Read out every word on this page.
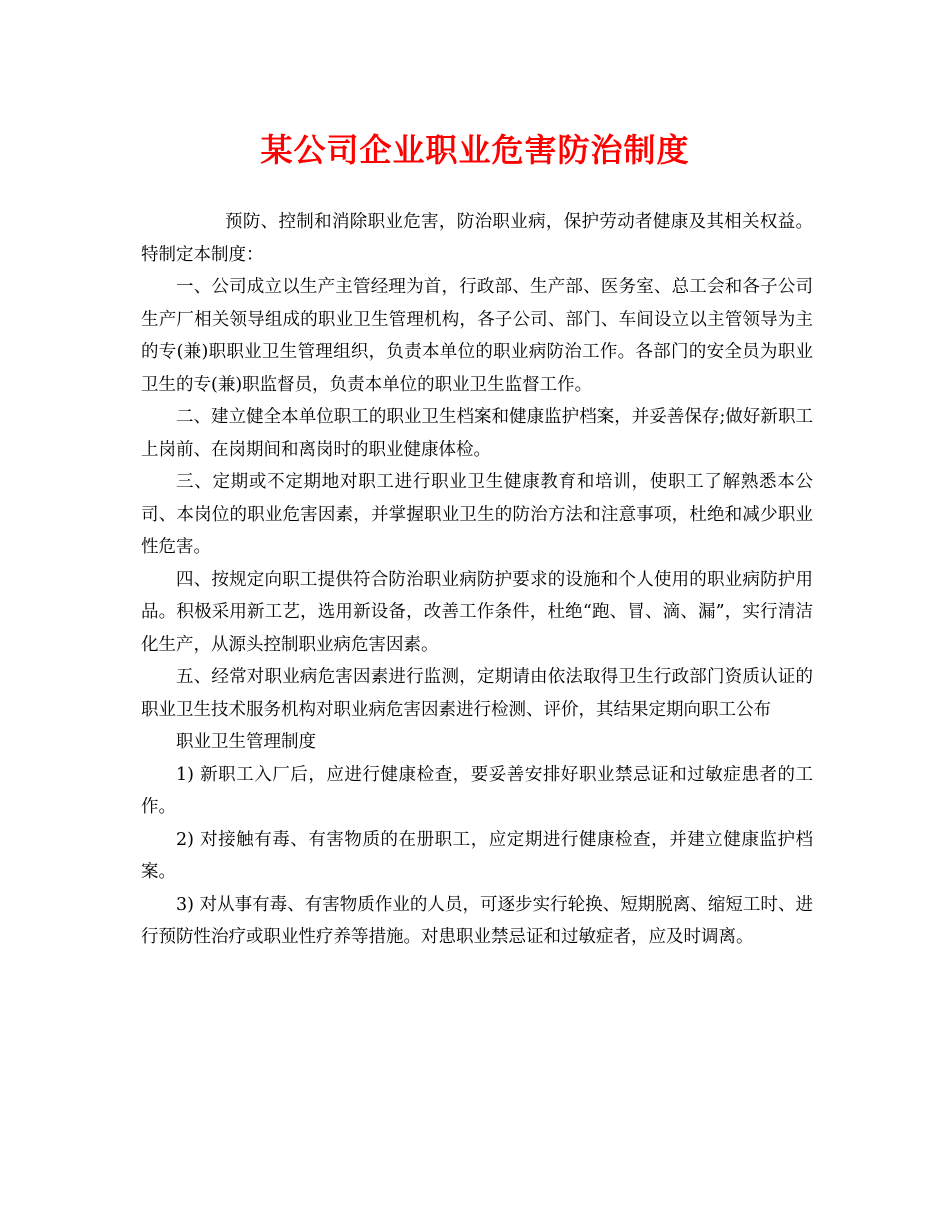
某公司企业职业危害防治制度

预防、控制和消除职业危害，防治职业病，保护劳动者健康及其相关权益。特制定本制度：

一、公司成立以生产主管经理为首，行政部、生产部、医务室、总工会和各子公司生产厂相关领导组成的职业卫生管理机构，各子公司、部门、车间设立以主管领导为主的专(兼)职职业卫生管理组织，负责本单位的职业病防治工作。各部门的安全员为职业卫生的专(兼)职监督员，负责本单位的职业卫生监督工作。

二、建立健全本单位职工的职业卫生档案和健康监护档案，并妥善保存;做好新职工上岗前、在岗期间和离岗时的职业健康体检。

三、定期或不定期地对职工进行职业卫生健康教育和培训，使职工了解熟悉本公司、本岗位的职业危害因素，并掌握职业卫生的防治方法和注意事项，杜绝和减少职业性危害。

四、按规定向职工提供符合防治职业病防护要求的设施和个人使用的职业病防护用品。积极采用新工艺，选用新设备，改善工作条件，杜绝“跑、冒、滴、漏”，实行清洁化生产，从源头控制职业病危害因素。

五、经常对职业病危害因素进行监测，定期请由依法取得卫生行政部门资质认证的职业卫生技术服务机构对职业病危害因素进行检测、评价，其结果定期向职工公布

职业卫生管理制度

1) 新职工入厂后，应进行健康检查，要妥善安排好职业禁忌证和过敏症患者的工作。

2) 对接触有毒、有害物质的在册职工，应定期进行健康检查，并建立健康监护档案。

3) 对从事有毒、有害物质作业的人员，可逐步实行轮换、短期脱离、缩短工时、进行预防性治疗或职业性疗养等措施。对患职业禁忌证和过敏症者，应及时调离。
